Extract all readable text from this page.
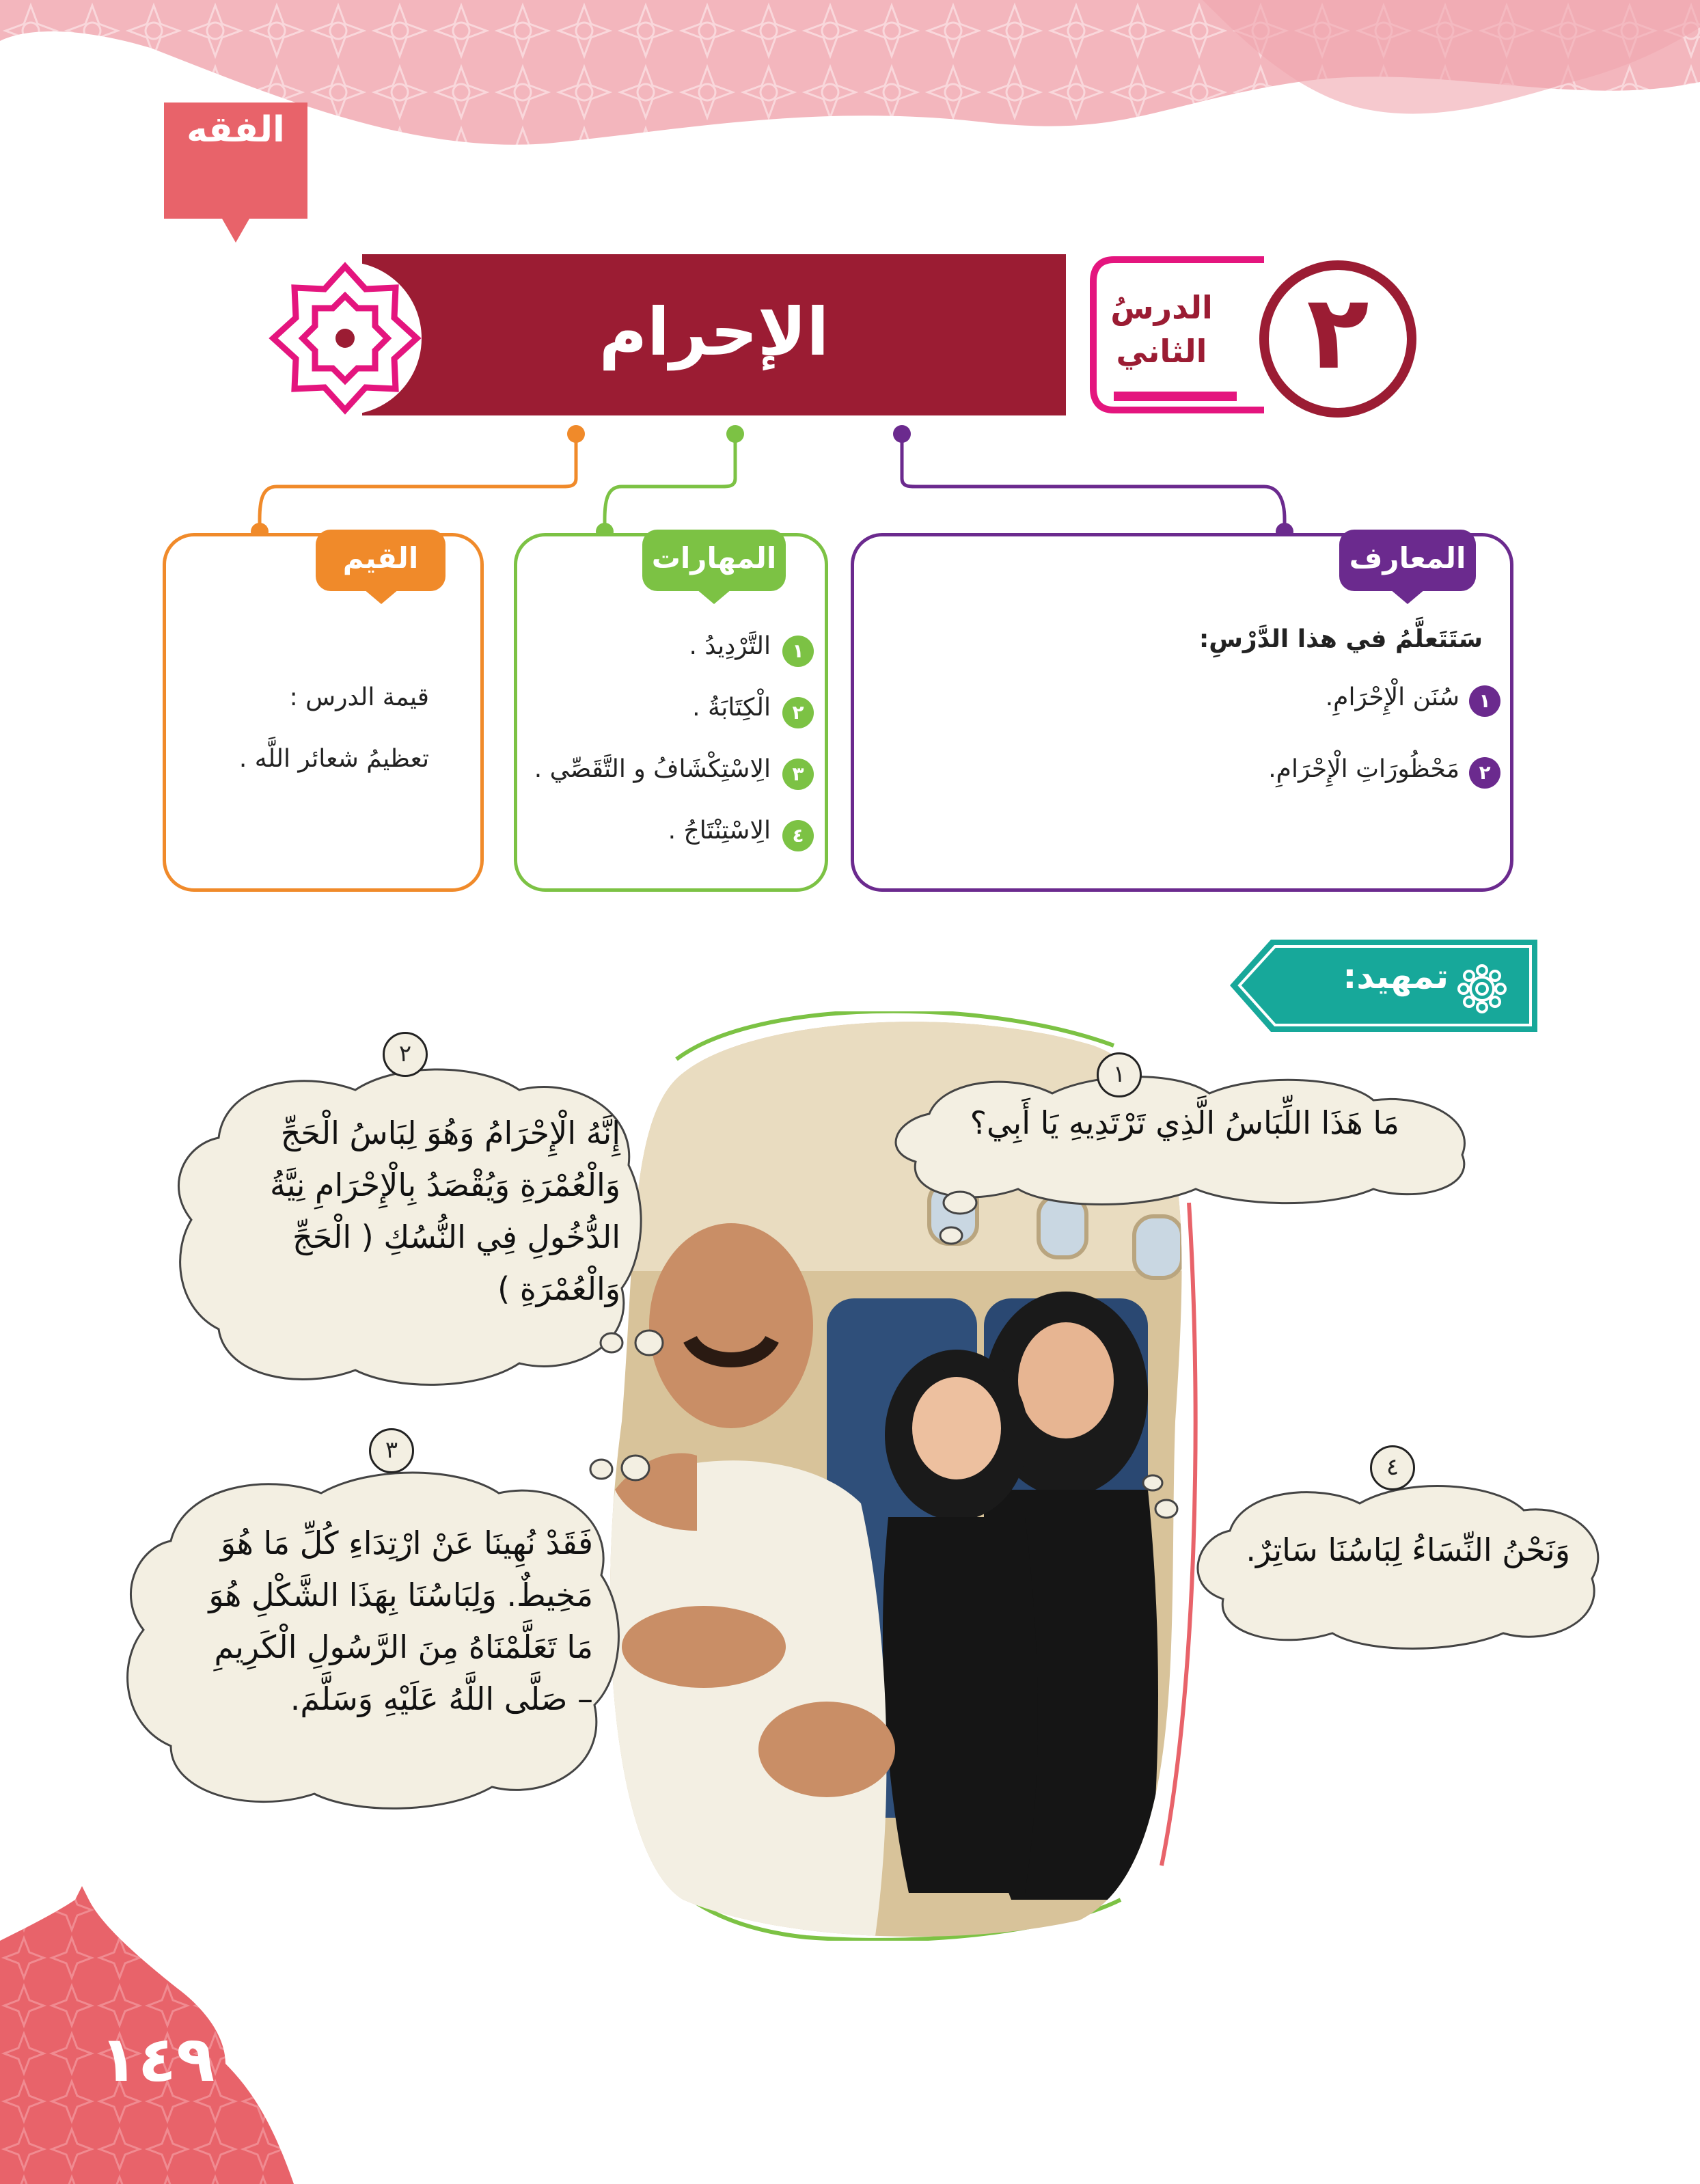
الفقه
الإحرام	الدرسُ
الثاني ٢
المعارف
سَتَتَعلَّمُ في هذا الدَّرْسِ:
١
سُنَن الْإِحْرَامِ.
٢
مَحْظُورَاتِ الْإِحْرَامِ.
المهارات
١
التَّرْدِيدُ .
٢
الْكِتَابَةُ .
٣
الِاسْتِكْشَافُ و التَّقَصِّي .
٤
الِاسْتِنْتَاجُ .
القيم
قيمة الدرس :
تعظيمُ شعائر اللَّه .
تمهيد:
١
مَا هَذَا اللِّبَاسُ الَّذِي تَرْتَدِيهِ يَا أَبِي؟
٢
إِنَّهُ الْإِحْرَامُ وَهُوَ لِبَاسُ الْحَجِّ
وَالْعُمْرَةِ وَيُقْصَدُ بِالْإِحْرَامِ نِيَّةُ
الدُّخُولِ فِي النُّسُكِ ( الْحَجِّ
وَالْعُمْرَةِ )
٣
فَقَدْ نُهِينَا عَنْ ارْتِدَاءِ كُلِّ مَا هُوَ
مَخِيطٌ. وَلِبَاسُنَا بِهَذَا الشَّكْلِ هُوَ
مَا تَعَلَّمْنَاهُ مِنَ الرَّسُولِ الْكَرِيمِ
– صَلَّى اللَّهُ عَلَيْهِ وَسَلَّمَ.
٤
وَنَحْنُ النِّسَاءُ لِبَاسُنَا سَاتِرٌ.
١٤٩
